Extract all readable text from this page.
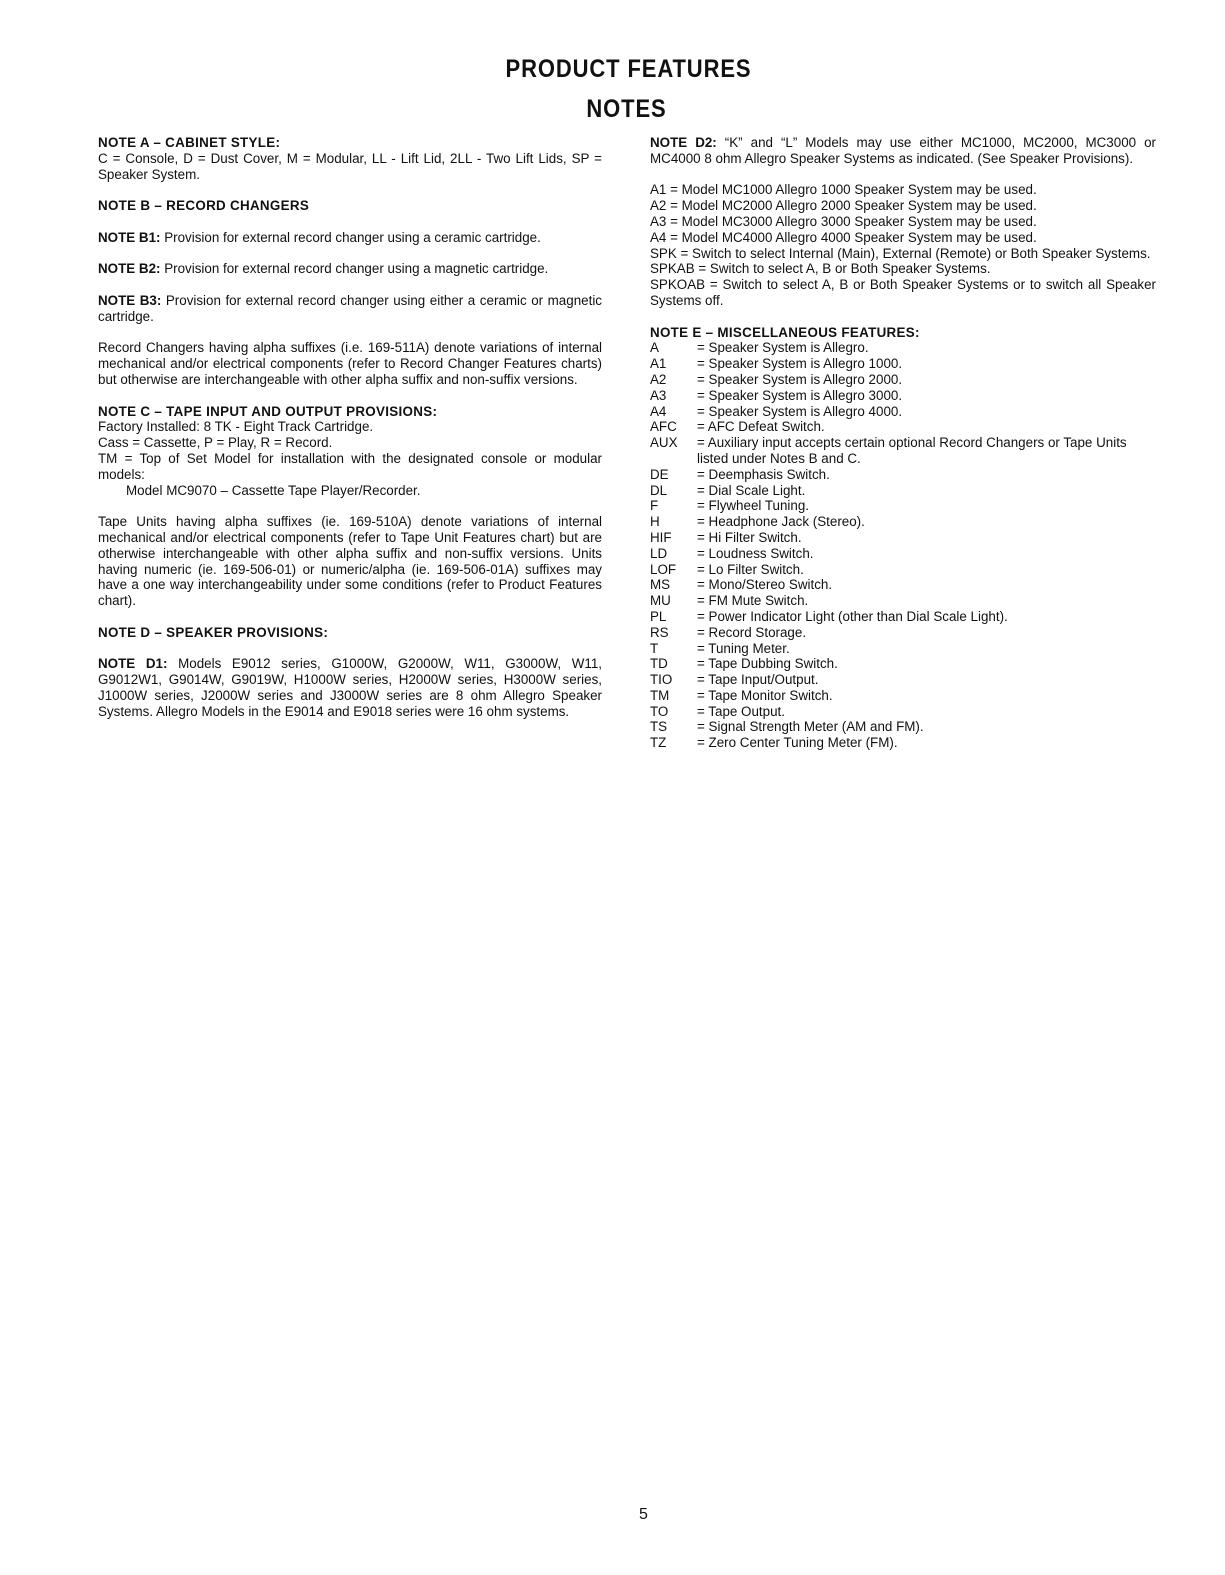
PRODUCT FEATURES
NOTES

NOTE A – CABINET STYLE:
C = Console, D = Dust Cover, M = Modular, LL - Lift Lid, 2LL - Two Lift Lids, SP = Speaker System.

NOTE B – RECORD CHANGERS

NOTE B1: Provision for external record changer using a ceramic cartridge.

NOTE B2: Provision for external record changer using a magnetic cartridge.

NOTE B3: Provision for external record changer using either a ceramic or magnetic cartridge.

Record Changers having alpha suffixes (i.e. 169-511A) denote variations of internal mechanical and/or electrical components (refer to Record Changer Features charts) but otherwise are interchangeable with other alpha suffix and non-suffix versions.

NOTE C – TAPE INPUT AND OUTPUT PROVISIONS:
Factory Installed: 8 TK - Eight Track Cartridge.
Cass = Cassette, P = Play, R = Record.
TM = Top of Set Model for installation with the designated console or modular models:
Model MC9070 – Cassette Tape Player/Recorder.

Tape Units having alpha suffixes (ie. 169-510A) denote variations of internal mechanical and/or electrical components (refer to Tape Unit Features chart) but are otherwise interchangeable with other alpha suffix and non-suffix versions. Units having numeric (ie. 169-506-01) or numeric/alpha (ie. 169-506-01A) suffixes may have a one way interchangeability under some conditions (refer to Product Features chart).

NOTE D – SPEAKER PROVISIONS:

NOTE D1: Models E9012 series, G1000W, G2000W, W11, G3000W, W11, G9012W1, G9014W, G9019W, H1000W series, H2000W series, H3000W series, J1000W series, J2000W series and J3000W series are 8 ohm Allegro Speaker Systems. Allegro Models in the E9014 and E9018 series were 16 ohm systems.

NOTE D2: “K” and “L” Models may use either MC1000, MC2000, MC3000 or MC4000 8 ohm Allegro Speaker Systems as indicated. (See Speaker Provisions).

A1 = Model MC1000 Allegro 1000 Speaker System may be used.
A2 = Model MC2000 Allegro 2000 Speaker System may be used.
A3 = Model MC3000 Allegro 3000 Speaker System may be used.
A4 = Model MC4000 Allegro 4000 Speaker System may be used.
SPK = Switch to select Internal (Main), External (Remote) or Both Speaker Systems.
SPKAB = Switch to select A, B or Both Speaker Systems.
SPKOAB = Switch to select A, B or Both Speaker Systems or to switch all Speaker Systems off.
NOTE E – MISCELLANEOUS FEATURES:
A	= Speaker System is Allegro.
A1	= Speaker System is Allegro 1000.
A2	= Speaker System is Allegro 2000.
A3	= Speaker System is Allegro 3000.
A4	= Speaker System is Allegro 4000.
AFC	= AFC Defeat Switch.
AUX	= Auxiliary input accepts certain optional Record Changers or Tape Units listed under Notes B and C.
DE	= Deemphasis Switch.
DL	= Dial Scale Light.
F	= Flywheel Tuning.
H	= Headphone Jack (Stereo).
HIF	= Hi Filter Switch.
LD	= Loudness Switch.
LOF	= Lo Filter Switch.
MS	= Mono/Stereo Switch.
MU	= FM Mute Switch.
PL	= Power Indicator Light (other than Dial Scale Light).
RS	= Record Storage.
T	= Tuning Meter.
TD	= Tape Dubbing Switch.
TIO	= Tape Input/Output.
TM	= Tape Monitor Switch.
TO	= Tape Output.
TS	= Signal Strength Meter (AM and FM).
TZ	= Zero Center Tuning Meter (FM).
5
